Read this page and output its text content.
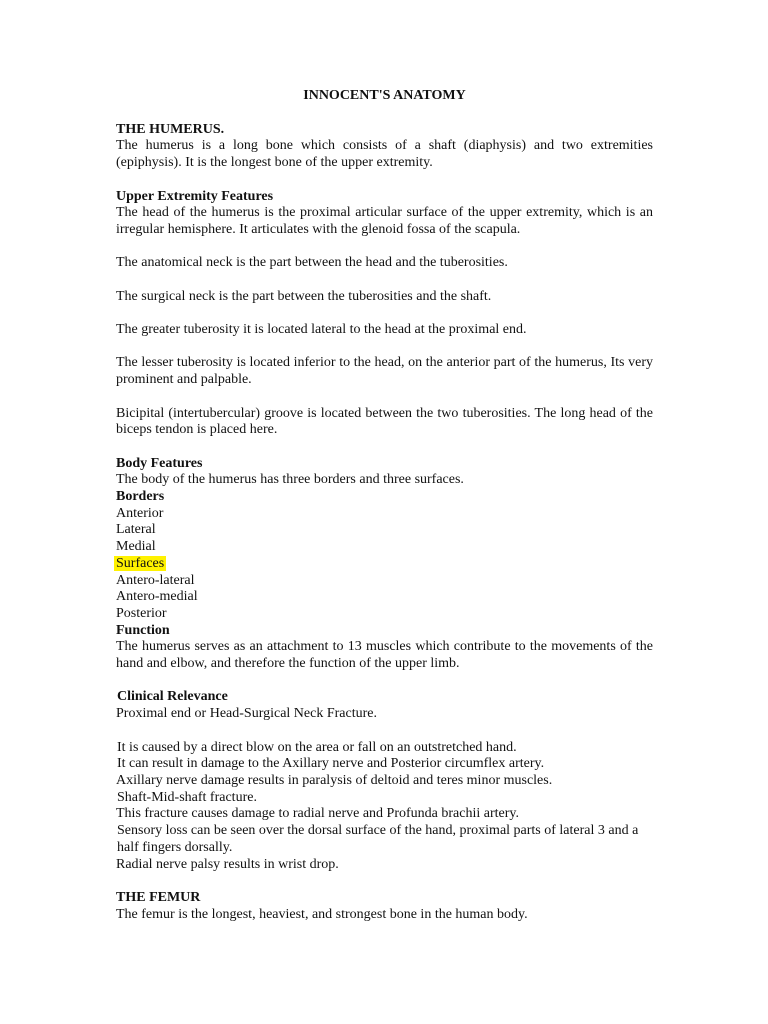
INNOCENT'S ANATOMY

THE HUMERUS.

The humerus is a long bone which consists of a shaft (diaphysis) and two extremities (epiphysis). It is the longest bone of the upper extremity.

Upper Extremity Features

The head of the humerus is the proximal articular surface of the upper extremity, which is an irregular hemisphere. It articulates with the glenoid fossa of the scapula.

The anatomical neck is the part between the head and the tuberosities.

The surgical neck is the part between the tuberosities and the shaft.

The greater tuberosity it is located lateral to the head at the proximal end.

The lesser tuberosity is located inferior to the head, on the anterior part of the humerus, Its very prominent and palpable.

Bicipital (intertubercular) groove is located between the two tuberosities. The long head of the biceps tendon is placed here.

Body Features

The body of the humerus has three borders and three surfaces.

Borders

Anterior

Lateral

Medial

Surfaces

Antero-lateral

Antero-medial

Posterior

Function

The humerus serves as an attachment to 13 muscles which contribute to the movements of the hand and elbow, and therefore the function of the upper limb.

Clinical Relevance

Proximal end or Head-Surgical Neck Fracture.

It is caused by a direct blow on the area or fall on an outstretched hand.

It can result in damage to the Axillary nerve and Posterior circumflex artery.

Axillary nerve damage results in paralysis of deltoid and teres minor muscles.

Shaft-Mid-shaft fracture.

This fracture causes damage to radial nerve and Profunda brachii artery.

Sensory loss can be seen over the dorsal surface of the hand, proximal parts of lateral 3 and a half fingers dorsally.

Radial nerve palsy results in wrist drop.

THE FEMUR

The femur is the longest, heaviest, and strongest bone in the human body.
